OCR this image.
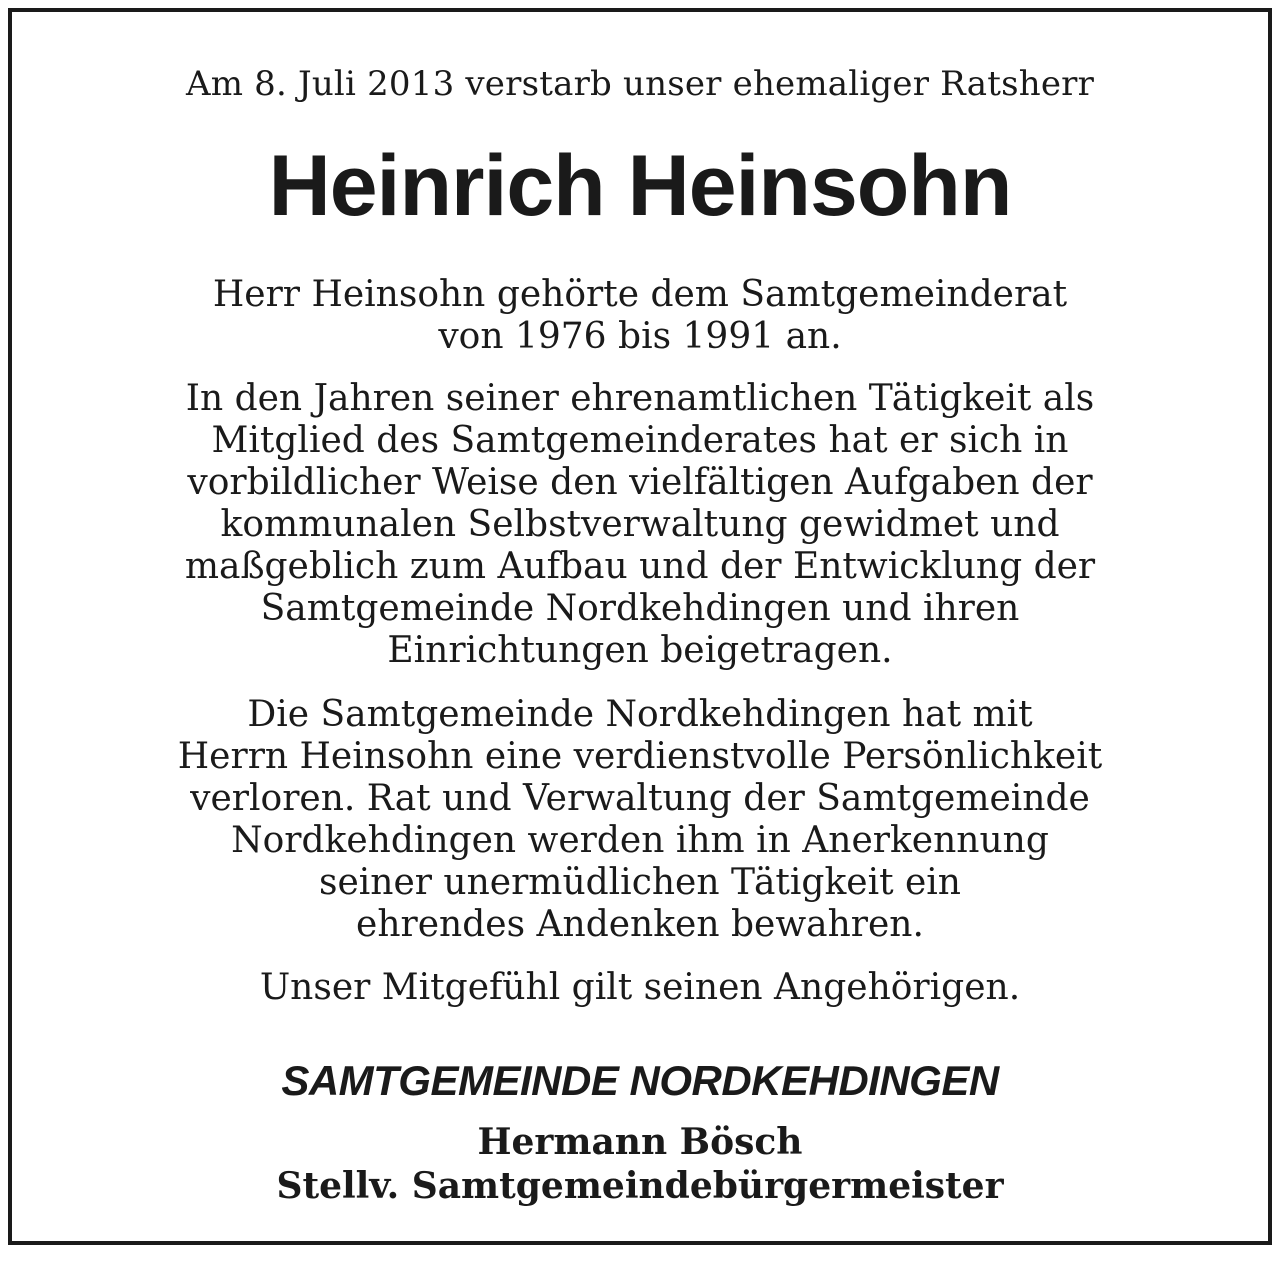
Am 8. Juli 2013 verstarb unser ehemaliger Ratsherr
Heinrich Heinsohn
Herr Heinsohn gehörte dem Samtgemeinderat
von 1976 bis 1991 an.
In den Jahren seiner ehrenamtlichen Tätigkeit als
Mitglied des Samtgemeinderates hat er sich in
vorbildlicher Weise den vielfältigen Aufgaben der
kommunalen Selbstverwaltung gewidmet und
maßgeblich zum Aufbau und der Entwicklung der
Samtgemeinde Nordkehdingen und ihren
Einrichtungen beigetragen.
Die Samtgemeinde Nordkehdingen hat mit
Herrn Heinsohn eine verdienstvolle Persönlichkeit
verloren. Rat und Verwaltung der Samtgemeinde
Nordkehdingen werden ihm in Anerkennung
seiner unermüdlichen Tätigkeit ein
ehrendes Andenken bewahren.
Unser Mitgefühl gilt seinen Angehörigen.
SAMTGEMEINDE NORDKEHDINGEN
Hermann Bösch
Stellv. Samtgemeindebürgermeister
